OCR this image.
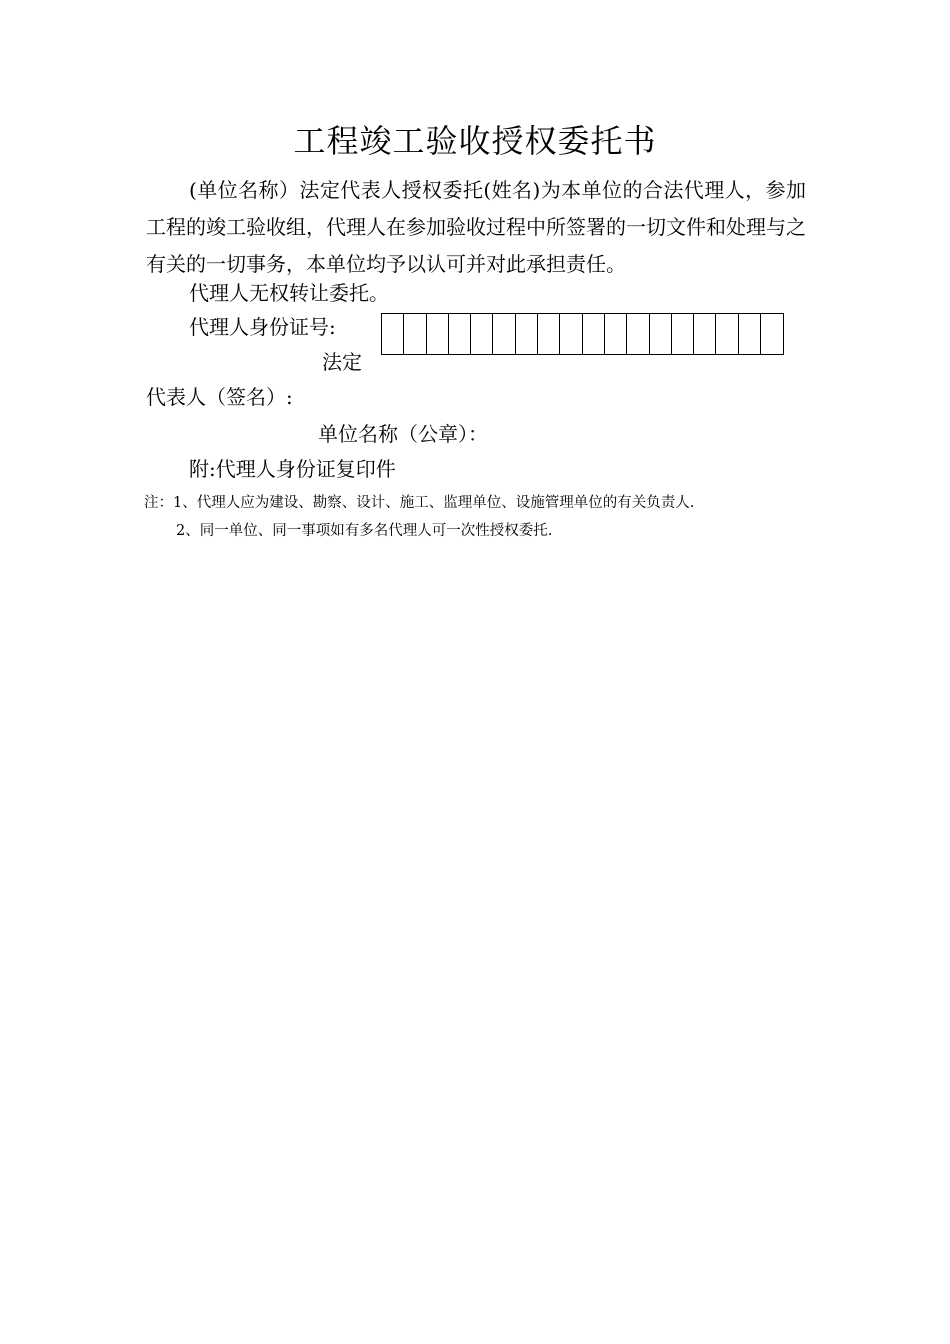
工程竣工验收授权委托书
(单位名称）法定代表人授权委托(姓名)为本单位的合法代理人，参加工程的竣工验收组，代理人在参加验收过程中所签署的一切文件和处理与之有关的一切事务，本单位均予以认可并对此承担责任。
代理人无权转让委托。
代理人身份证号:
法定
代表人（签名）:
单位名称（公章）：
附:代理人身份证复印件
注：1、代理人应为建设、勘察、设计、施工、监理单位、设施管理单位的有关负责人.
2、同一单位、同一事项如有多名代理人可一次性授权委托.
